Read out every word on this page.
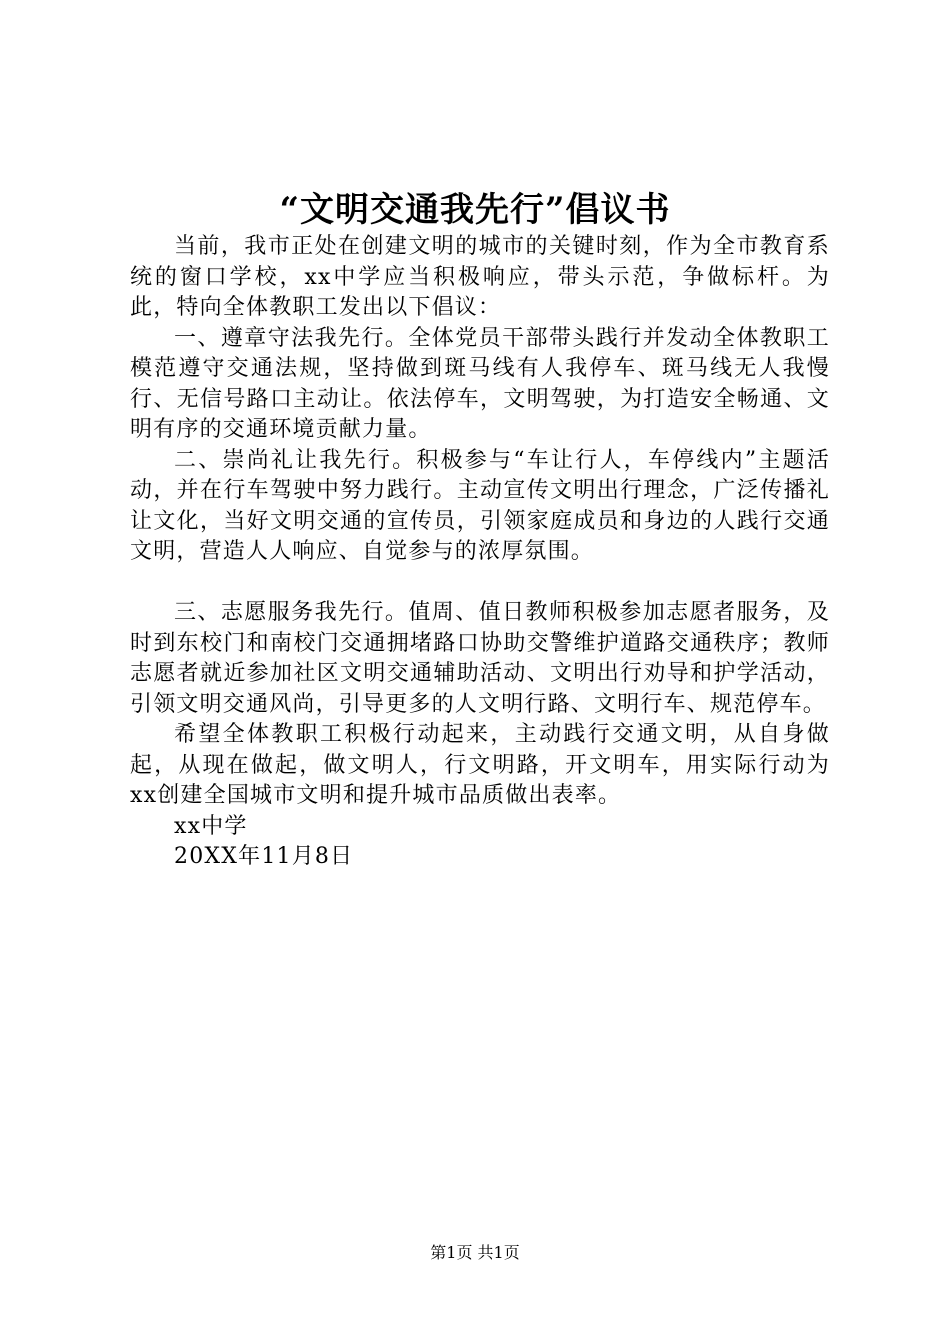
“文明交通我先行”倡议书

当前，我市正处在创建文明的城市的关键时刻，作为全市教育系统的窗口学校，xx中学应当积极响应，带头示范，争做标杆。为此，特向全体教职工发出以下倡议：

一、遵章守法我先行。全体党员干部带头践行并发动全体教职工模范遵守交通法规，坚持做到斑马线有人我停车、斑马线无人我慢行、无信号路口主动让。依法停车，文明驾驶，为打造安全畅通、文明有序的交通环境贡献力量。

二、崇尚礼让我先行。积极参与“车让行人，车停线内”主题活动，并在行车驾驶中努力践行。主动宣传文明出行理念，广泛传播礼让文化，当好文明交通的宣传员，引领家庭成员和身边的人践行交通文明，营造人人响应、自觉参与的浓厚氛围。

三、志愿服务我先行。值周、值日教师积极参加志愿者服务，及时到东校门和南校门交通拥堵路口协助交警维护道路交通秩序；教师志愿者就近参加社区文明交通辅助活动、文明出行劝导和护学活动，引领文明交通风尚，引导更多的人文明行路、文明行车、规范停车。

希望全体教职工积极行动起来，主动践行交通文明，从自身做起，从现在做起，做文明人，行文明路，开文明车，用实际行动为xx创建全国城市文明和提升城市品质做出表率。

xx中学

20XX年11月8日

第1页 共1页
